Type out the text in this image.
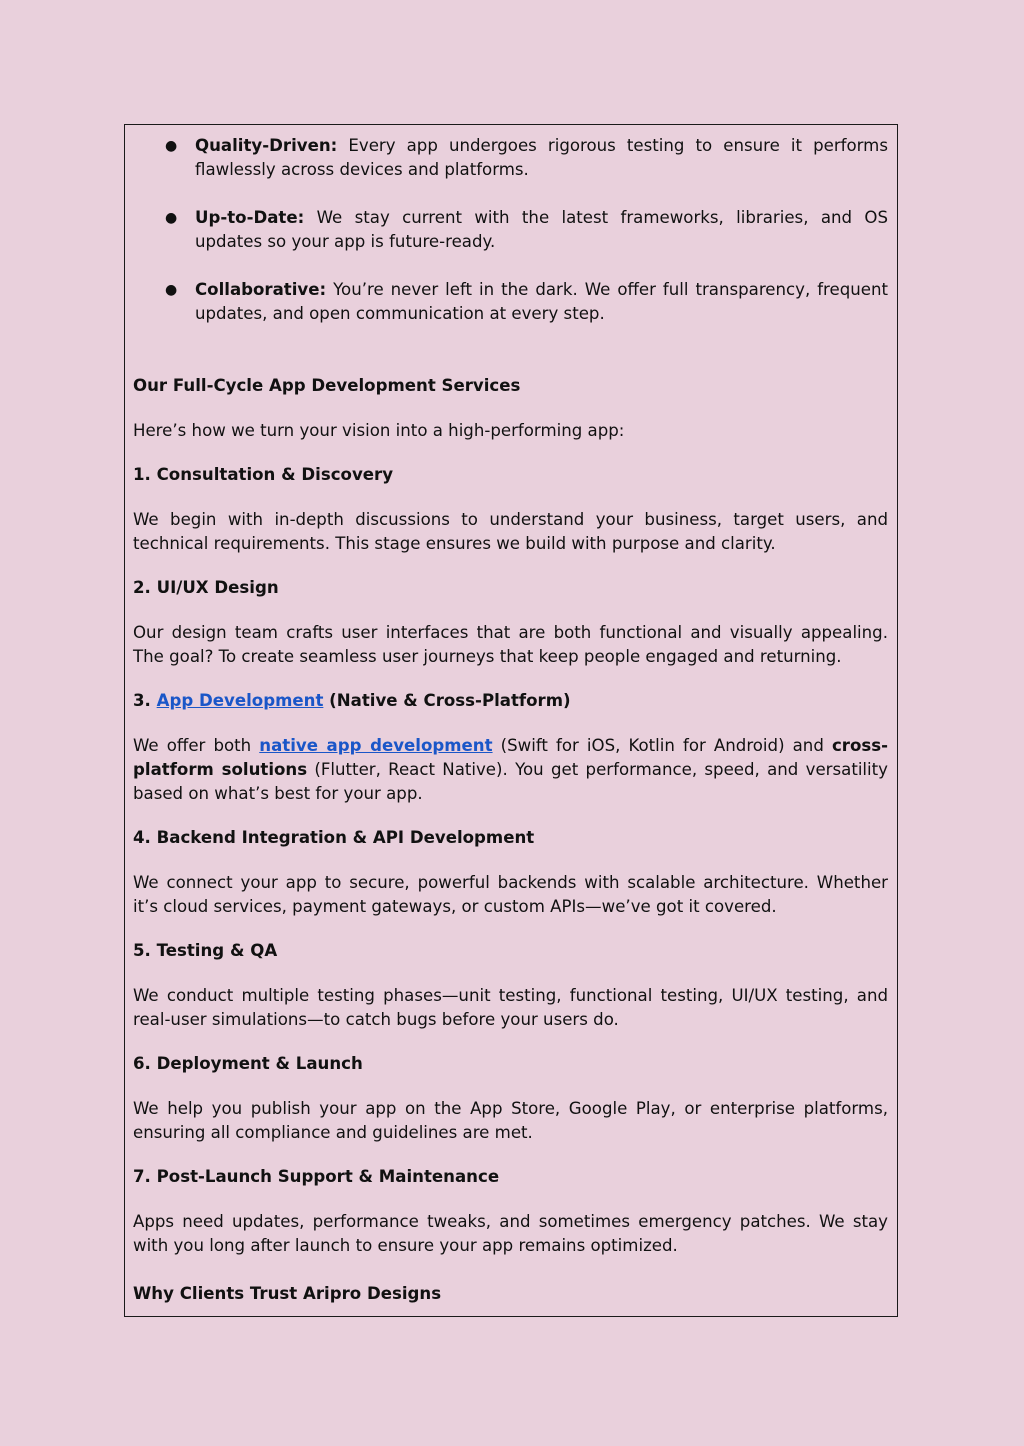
● Quality-Driven: Every app undergoes rigorous testing to ensure it performs flawlessly across devices and platforms.
● Up-to-Date: We stay current with the latest frameworks, libraries, and OS updates so your app is future-ready.
● Collaborative: You’re never left in the dark. We offer full transparency, frequent updates, and open communication at every step.

Our Full-Cycle App Development Services

Here’s how we turn your vision into a high-performing app:

1. Consultation & Discovery

We begin with in-depth discussions to understand your business, target users, and technical requirements. This stage ensures we build with purpose and clarity.

2. UI/UX Design

Our design team crafts user interfaces that are both functional and visually appealing. The goal? To create seamless user journeys that keep people engaged and returning.

3. App Development (Native & Cross-Platform)

We offer both native app development (Swift for iOS, Kotlin for Android) and cross-platform solutions (Flutter, React Native). You get performance, speed, and versatility based on what’s best for your app.

4. Backend Integration & API Development

We connect your app to secure, powerful backends with scalable architecture. Whether it’s cloud services, payment gateways, or custom APIs—we’ve got it covered.

5. Testing & QA

We conduct multiple testing phases—unit testing, functional testing, UI/UX testing, and real-user simulations—to catch bugs before your users do.

6. Deployment & Launch

We help you publish your app on the App Store, Google Play, or enterprise platforms, ensuring all compliance and guidelines are met.

7. Post-Launch Support & Maintenance

Apps need updates, performance tweaks, and sometimes emergency patches. We stay with you long after launch to ensure your app remains optimized.

Why Clients Trust Aripro Designs
